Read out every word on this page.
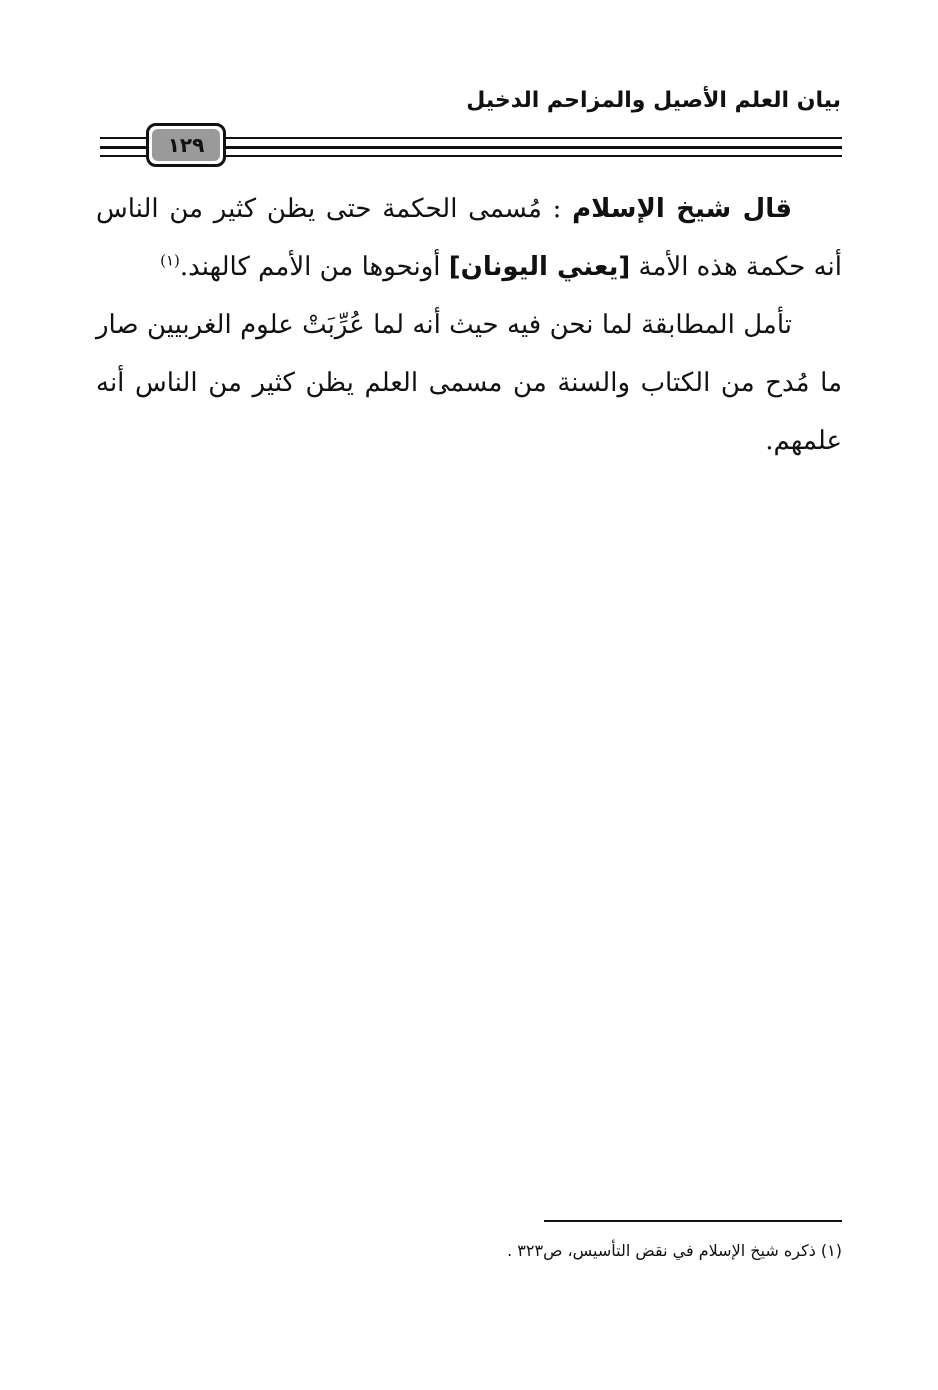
بيان العلم الأصيل والمزاحم الدخيل
١٢٩

قال شيخ الإسلام : مُسمى الحكمة حتى يظن كثير من الناس أنه حكمة هذه الأمة [يعني اليونان] أونحوها من الأمم كالهند.$^{(١)}$

تأمل المطابقة لما نحن فيه حيث أنه لما عُرِّبَتْ علوم الغربيين صار ما مُدح من الكتاب والسنة من مسمى العلم يظن كثير من الناس أنه علمهم.

(١) ذكره شيخ الإسلام في نقض التأسيس، ص٣٢٣ .
